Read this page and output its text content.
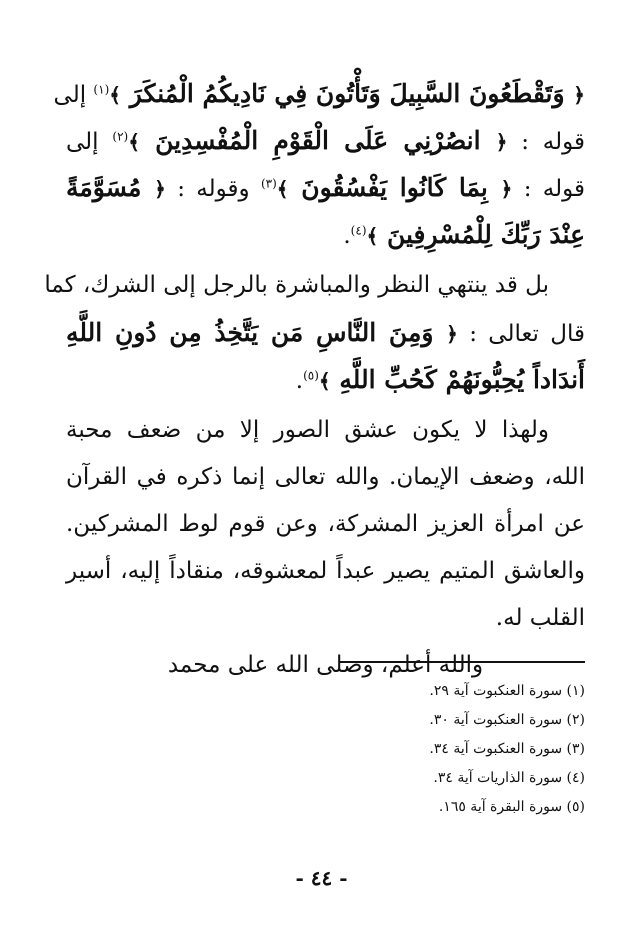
﴿ وَتَقْطَعُونَ السَّبِيلَ وَتَأْتُونَ فِي نَادِيكُمُ الْمُنكَرَ ﴾$^{(١)}$ إلى
قوله : ﴿ انصُرْنِي عَلَى الْقَوْمِ الْمُفْسِدِينَ ﴾$^{(٢)}$ إلى
قوله : ﴿ بِمَا كَانُوا يَفْسُقُونَ ﴾$^{(٣)}$ وقوله : ﴿ مُسَوَّمَةً
عِنْدَ رَبِّكَ لِلْمُسْرِفِينَ ﴾$^{(٤)}$.
بل قد ينتهي النظر والمباشرة بالرجل إلى الشرك، كما
قال تعالى : ﴿ وَمِنَ النَّاسِ مَن يَتَّخِذُ مِن دُونِ اللَّهِ
أَندَاداً يُحِبُّونَهُمْ كَحُبِّ اللَّهِ ﴾$^{(٥)}$.
ولهذا لا يكون عشق الصور إلا من ضعف محبة
الله، وضعف الإيمان. والله تعالى إنما ذكره في القرآن
عن امرأة العزيز المشركة، وعن قوم لوط المشركين.
والعاشق المتيم يصير عبداً لمعشوقه، منقاداً إليه، أسير
القلب له.
والله أعلم، وصلى الله على محمد
(١) سورة العنكبوت آية ٢٩.
(٢) سورة العنكبوت آية ٣٠.
(٣) سورة العنكبوت آية ٣٤.
(٤) سورة الذاريات آية ٣٤.
(٥) سورة البقرة آية ١٦٥.
- ٤٤ -
